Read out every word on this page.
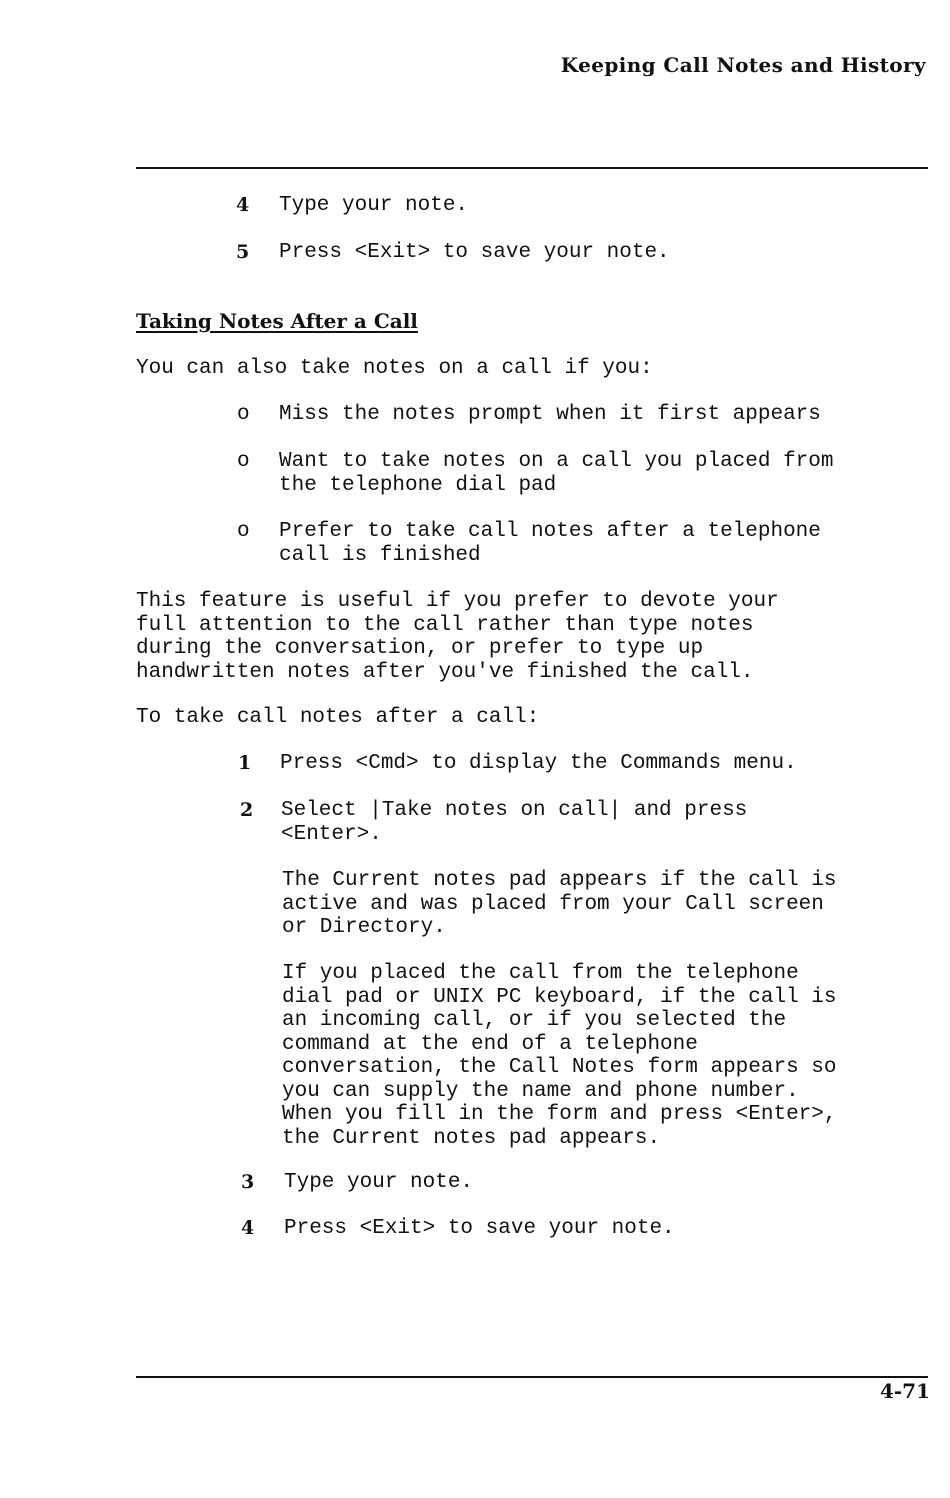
Keeping Call Notes and History
4 Type your note.
5 Press <Exit> to save your note.
Taking Notes After a Call
You can also take notes on a call if you:
o Miss the notes prompt when it first appears
o Want to take notes on a call you placed from
the telephone dial pad
o Prefer to take call notes after a telephone
call is finished
This feature is useful if you prefer to devote your
full attention to the call rather than type notes
during the conversation, or prefer to type up
handwritten notes after you've finished the call.
To take call notes after a call:
1 Press <Cmd> to display the Commands menu.
2 Select |Take notes on call| and press
<Enter>.
The Current notes pad appears if the call is
active and was placed from your Call screen
or Directory.
If you placed the call from the telephone
dial pad or UNIX PC keyboard, if the call is
an incoming call, or if you selected the
command at the end of a telephone
conversation, the Call Notes form appears so
you can supply the name and phone number.
When you fill in the form and press <Enter>,
the Current notes pad appears.
3 Type your note.
4 Press <Exit> to save your note.
4-71
